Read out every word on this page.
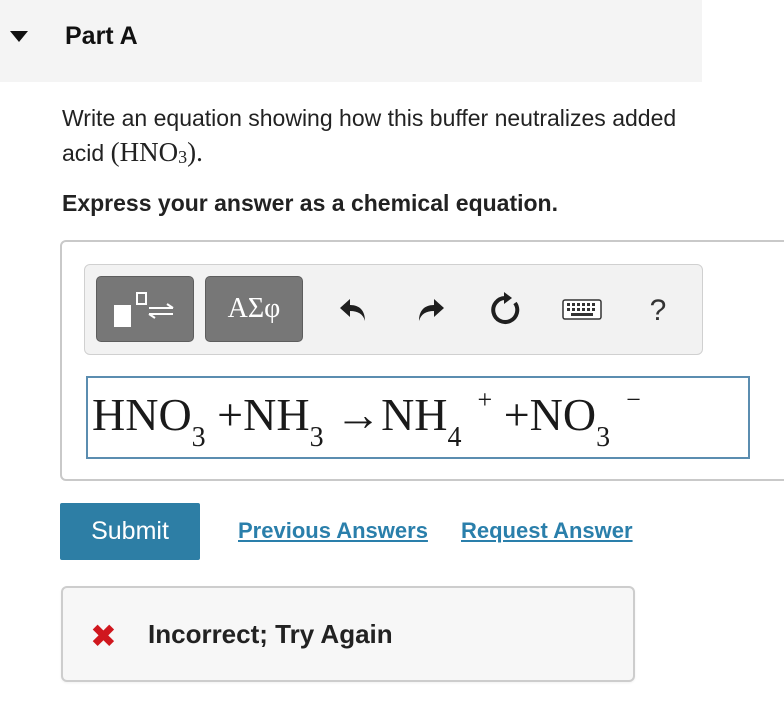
Part A
Write an equation showing how this buffer neutralizes added acid $(HNO_3)$.
Express your answer as a chemical equation.
ΑΣφ	?
$HNO_3 +NH_3 \to NH_4^+ +NO_3^-$
Submit	Previous Answers Request Answer
✖ Incorrect; Try Again
